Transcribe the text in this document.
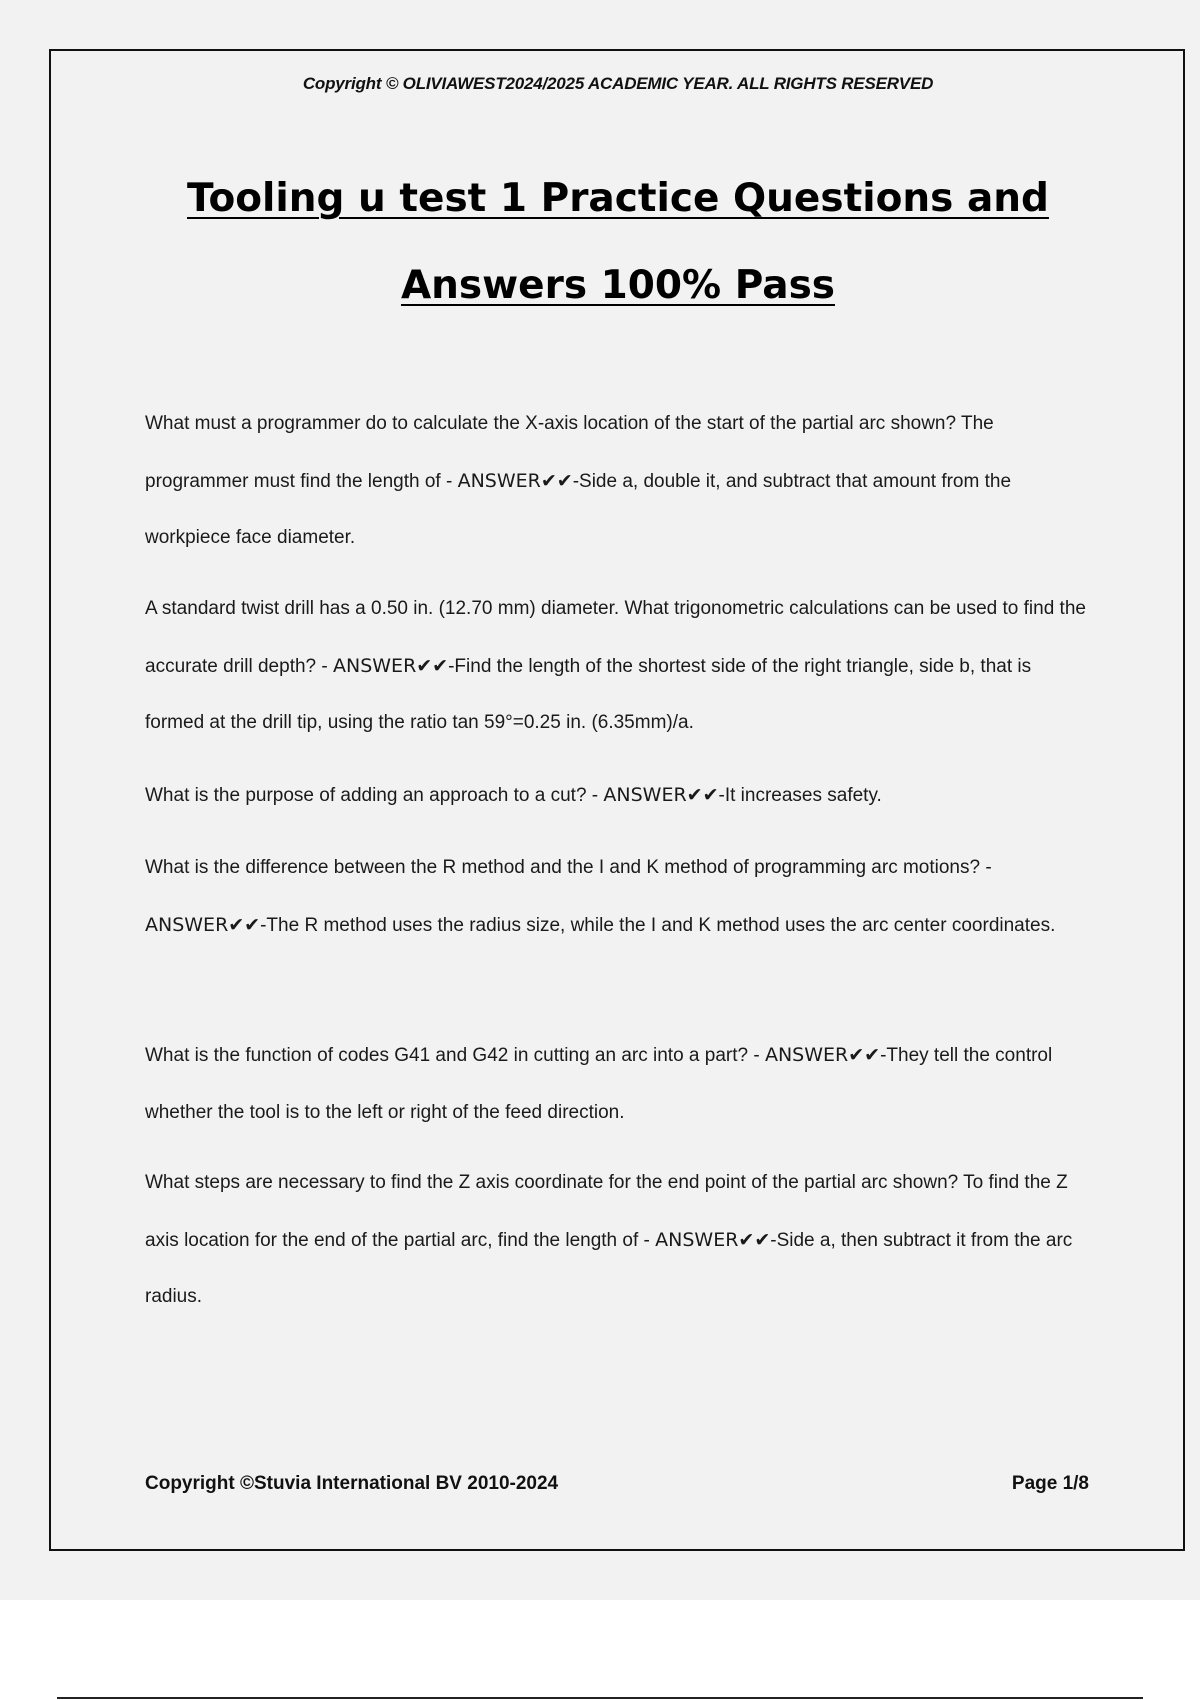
Copyright © OLIVIAWEST2024/2025 ACADEMIC YEAR. ALL RIGHTS RESERVED
Tooling u test 1 Practice Questions and
Answers 100% Pass
What must a programmer do to calculate the X-axis location of the start of the partial arc shown? The programmer must find the length of - ANSWER✔✔-Side a, double it, and subtract that amount from the workpiece face diameter.
A standard twist drill has a 0.50 in. (12.70 mm) diameter. What trigonometric calculations can be used to find the accurate drill depth? - ANSWER✔✔-Find the length of the shortest side of the right triangle, side b, that is formed at the drill tip, using the ratio tan 59°=0.25 in. (6.35mm)/a.
What is the purpose of adding an approach to a cut? - ANSWER✔✔-It increases safety.
What is the difference between the R method and the I and K method of programming arc motions? - ANSWER✔✔-The R method uses the radius size, while the I and K method uses the arc center coordinates.
What is the function of codes G41 and G42 in cutting an arc into a part? - ANSWER✔✔-They tell the control whether the tool is to the left or right of the feed direction.
What steps are necessary to find the Z axis coordinate for the end point of the partial arc shown? To find the Z axis location for the end of the partial arc, find the length of - ANSWER✔✔-Side a, then subtract it from the arc radius.
Copyright ©Stuvia International BV 2010-2024	Page 1/8
